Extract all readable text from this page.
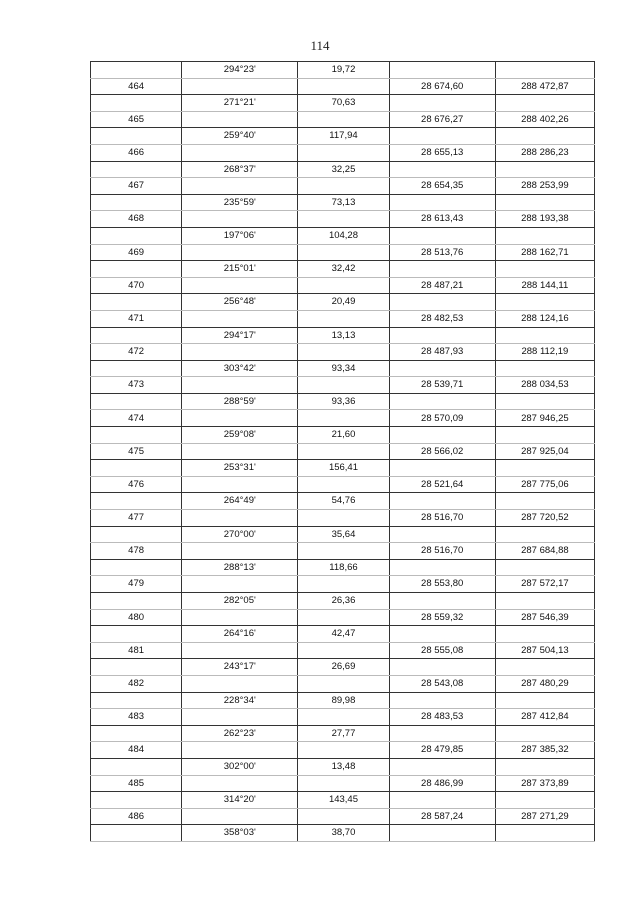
114
	294°23'	19,72		
464			28 674,60	288 472,87
	271°21'	70,63		
465			28 676,27	288 402,26
	259°40'	117,94		
466			28 655,13	288 286,23
	268°37'	32,25		
467			28 654,35	288 253,99
	235°59'	73,13		
468			28 613,43	288 193,38
	197°06'	104,28		
469			28 513,76	288 162,71
	215°01'	32,42		
470			28 487,21	288 144,11
	256°48'	20,49		
471			28 482,53	288 124,16
	294°17'	13,13		
472			28 487,93	288 112,19
	303°42'	93,34		
473			28 539,71	288 034,53
	288°59'	93,36		
474			28 570,09	287 946,25
	259°08'	21,60		
475			28 566,02	287 925,04
	253°31'	156,41		
476			28 521,64	287 775,06
	264°49'	54,76		
477			28 516,70	287 720,52
	270°00'	35,64		
478			28 516,70	287 684,88
	288°13'	118,66		
479			28 553,80	287 572,17
	282°05'	26,36		
480			28 559,32	287 546,39
	264°16'	42,47		
481			28 555,08	287 504,13
	243°17'	26,69		
482			28 543,08	287 480,29
	228°34'	89,98		
483			28 483,53	287 412,84
	262°23'	27,77		
484			28 479,85	287 385,32
	302°00'	13,48		
485			28 486,99	287 373,89
	314°20'	143,45		
486			28 587,24	287 271,29
	358°03'	38,70		
